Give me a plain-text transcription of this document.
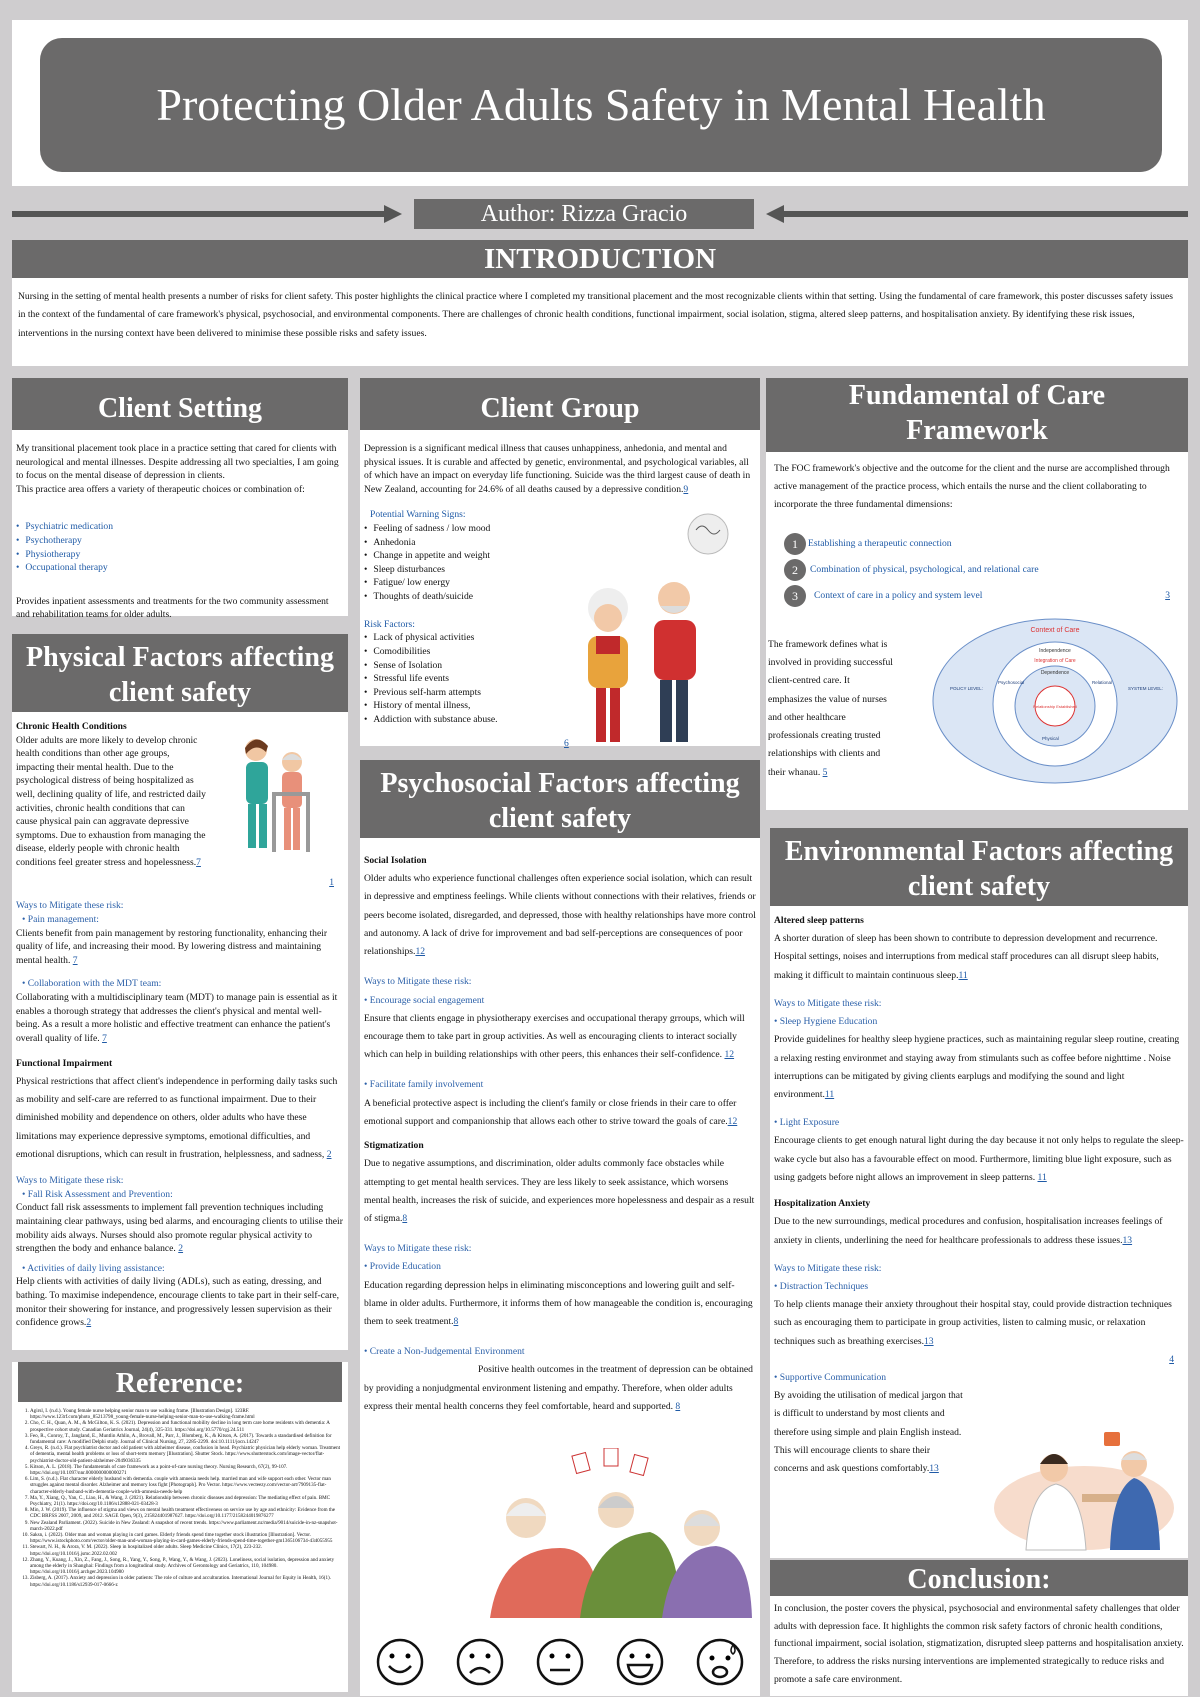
Protecting Older Adults Safety in Mental Health
Author: Rizza Gracio
INTRODUCTION
Nursing in the setting of mental health presents a number of risks for client safety. This poster highlights the clinical practice where I completed my transitional placement and the most recognizable clients within that setting. Using the fundamental of care framework, this poster discusses safety issues in the context of the fundamental of care framework's physical, psychosocial, and environmental components. There are challenges of chronic health conditions, functional impairment, social isolation, stigma, altered sleep patterns, and hospitalisation anxiety. By identifying these risk issues, interventions in the nursing context have been delivered to minimise these possible risks and safety issues.
Client Setting
My transitional placement took place in a practice setting that cared for clients with neurological and mental illnesses. Despite addressing all two specialties, I am going to focus on the mental disease of depression in clients.
This practice area offers a variety of therapeutic choices or combination of:
• Psychiatric medication
• Psychotherapy
• Physiotherapy
• Occupational therapy
Provides inpatient assessments and treatments for the two community assessment and rehabilitation teams for older adults.
Physical Factors affecting client safety
Chronic Health Conditions
Older adults are more likely to develop chronic health conditions than other age groups, impacting their mental health. Due to the psychological distress of being hospitalized as well, declining quality of life, and restricted daily activities, chronic health conditions that can cause physical pain can aggravate depressive symptoms. Due to exhaustion from managing the disease, elderly people with chronic health conditions feel greater stress and hopelessness.7
1
Ways to Mitigate these risk:
• Pain management:
Clients benefit from pain management by restoring functionality, enhancing their quality of life, and increasing their mood. By lowering distress and maintaining mental health. 7
• Collaboration with the MDT team:
Collaborating with a multidisciplinary team (MDT) to manage pain is essential as it enables a thorough strategy that addresses the client's physical and mental well-being. As a result a more holistic and effective treatment can enhance the patient's overall quality of life. 7
Functional Impairment
Physical restrictions that affect client's independence in performing daily tasks such as mobility and self-care are referred to as functional impairment. Due to their diminished mobility and dependence on others, older adults who have these limitations may experience depressive symptoms, emotional difficulties, and emotional disruptions, which can result in frustration, helplessness, and sadness, 2
Ways to Mitigate these risk:
• Fall Risk Assessment and Prevention:
Conduct fall risk assessments to implement fall prevention techniques including maintaining clear pathways, using bed alarms, and encouraging clients to utilise their mobility aids always. Nurses should also promote regular physical activity to strengthen the body and enhance balance. 2
• Activities of daily living assistance:
Help clients with activities of daily living (ADLs), such as eating, dressing, and bathing. To maximise independence, encourage clients to take part in their self-care, monitor their showering for instance, and progressively lessen supervision as their confidence grows.2
Reference:
1. Agirsl, I. (n.d.). Young female nurse helping senior man to use walking frame. [Illustration Design]. 123RF. https://www.123rf.com/photo_85213798_young-female-nurse-helping-senior-man-to-use-walking-frame.html
2. Cho, C. H., Quan, A. M., & McGilton, K. S. (2021). Depression and functional mobility decline in long term care home residents with dementia: A prospective cohort study. Canadian Geriatrics Journal, 24(4), 325-331. https://doi.org/10.5770/cgj.24.511
3. Feo, R., Conroy, T., Jangland, E., Muntlin Athlin, A., Brovall, M., Parr, J., Blomberg, K., & Kitson, A. (2017). Towards a standardised definition for fundamental care: A modified Delphi study. Journal of Clinical Nursing, 27, 2285-2299. doi:10.1111/jocn.14247
4. Greys, R. (n.d.). Flat psychiatrist doctor and old patient with alzheimer disease, confusion in head. Psychiatric physician help elderly woman. Treatment of dementia, mental health problems or loss of short-term memory [Illustration]. Shutter Stock. https://www.shutterstock.com/image-vector/flat-psychiatrist-doctor-old-patient-alzheimer-2049036335
5. Kitson, A. L. (2018). The fundamentals of care framework as a point-of-care nursing theory. Nursing Research, 67(2), 99-107. https://doi.org/10.1097/nnr.0000000000000271
6. Lim, S. (n.d.). Flat character elderly husband with dementia. couple with amnesia needs help. married man and wife support each other. Vector man struggles against mental disorder. Alzheimer and memory loss fight [Photograph]. Pro Vector. https://www.vecteezy.com/vector-art/7909135-flat-character-elderly-husband-with-dementia-couple-with-amnesia-needs-help
7. Ma, Y., Xiang, Q., Yan, C., Liao, H., & Wang, J. (2021). Relationship between chronic diseases and depression: The mediating effect of pain. BMC Psychiatry, 21(1). https://doi.org/10.1186/s12888-021-03428-3
8. Min, J. W. (2019). The influence of stigma and views on mental health treatment effectiveness on service use by age and ethnicity: Evidence from the CDC BRFSS 2007, 2009, and 2012. SAGE Open, 9(3), 215824401987627. https://doi.org/10.1177/2158244019876277
9. New Zealand Parliament. (2022). Suicide in New Zealand: A snapshot of recent trends. https://www.parliament.nz/media/9014/suicide-in-nz-snapshot-march-2022.pdf
10. Saksn, i. (2022). Older man and woman playing in card games. Elderly friends spend time together stock illustration [Illustration]. Vector. https://www.istockphoto.com/vector/older-man-and-woman-playing-in-card-games-elderly-friends-spend-time-together-gm1365106734-434055955
11. Stewart, N. H., & Arora, V. M. (2022). Sleep in hospitalized older adults. Sleep Medicine Clinics, 17(2), 223-232. https://doi.org/10.1016/j.jsmc.2022.02.002
12. Zhang, Y., Kuang, J., Xin, Z., Fang, J., Song, R., Yang, Y., Song, P., Wang, Y., & Wang, J. (2023). Loneliness, social isolation, depression and anxiety among the elderly in Shanghai: Findings from a longitudinal study. Archives of Gerontology and Geriatrics, 110, 104980. https://doi.org/10.1016/j.archger.2023.104980
13. Zisberg, A. (2017). Anxiety and depression in older patients: The role of culture and acculturation. International Journal for Equity in Health, 16(1). https://doi.org/10.1186/s12939-017-0666-z
Client Group
Depression is a significant medical illness that causes unhappiness, anhedonia, and mental and physical issues. It is curable and affected by genetic, environmental, and psychological variables, all of which have an impact on everyday life functioning. Suicide was the third largest cause of death in New Zealand, accounting for 24.6% of all deaths caused by a depressive condition.9
Potential Warning Signs:
• Feeling of sadness / low mood
• Anhedonia
• Change in appetite and weight
• Sleep disturbances
• Fatigue/ low energy
• Thoughts of death/suicide
Risk Factors:
• Lack of physical activities
• Comodibilities
• Sense of Isolation
• Stressful life events
• Previous self-harm attempts
• History of mental illness,
• Addiction with substance abuse.
6
Psychosocial Factors affecting client safety
Social Isolation
Older adults who experience functional challenges often experience social isolation, which can result in depressive and emptiness feelings. While clients without connections with their relatives, friends or peers become isolated, disregarded, and depressed, those with healthy relationships have more control and autonomy. A lack of drive for improvement and bad self-perceptions are consequences of poor relationships.12
Ways to Mitigate these risk:
• Encourage social engagement
Ensure that clients engage in physiotherapy exercises and occupational therapy grroups, which will encourage them to take part in group activities. As well as encouraging clients to interact socially which can help in building relationships with other peers, this enhances their self-confidence. 12
• Facilitate family involvement
A beneficial protective aspect is including the client's family or close friends in their care to offer emotional support and companionship that allows each other to strive toward the goals of care.12
Stigmatization
Due to negative assumptions, and discrimination, older adults commonly face obstacles while attempting to get mental health services. They are less likely to seek assistance, which worsens mental health, increases the risk of suicide, and experiences more hopelessness and despair as a result of stigma.8
Ways to Mitigate these risk:
• Provide Education
Education regarding depression helps in eliminating misconceptions and lowering guilt and self-blame in older adults. Furthermore, it informs them of how manageable the condition is, encouraging them to seek treatment.8
• Create a Non-Judgemental Environment

Positive health outcomes in the treatment of depression can be obtained by providing a nonjudgmental environment listening and empathy. Therefore, when older adults express their mental health concerns they feel comfortable, heard and supported. 8
Fundamental of Care Framework
The FOC framework's objective and the outcome for the client and the nurse are accomplished through active management of the practice process, which entails the nurse and the client collaborating to incorporate the three fundamental dimensions:
1	Establishing a therapeutic connection
2	Combination of physical, psychological, and relational care
3	Context of care in a policy and system level	3
The framework defines what is involved in providing successful client-centred care. It emphasizes the value of nurses and other healthcare professionals creating trusted relationships with clients and their whanau. 5
Context of Care
Independence
Integration of Care
Dependence
Relationship Established
POLICY LEVEL:	SYSTEM LEVEL:
Psychosocial	Relational
Physical
Environmental Factors affecting client safety
Altered sleep patterns
A shorter duration of sleep has been shown to contribute to depression development and recurrence. Hospital settings, noises and interruptions from medical staff procedures can all disrupt sleep habits, making it difficult to maintain continuous sleep.11
Ways to Mitigate these risk:
• Sleep Hygiene Education
Provide guidelines for healthy sleep hygiene practices, such as maintaining regular sleep routine, creating a relaxing resting environmet and staying away from stimulants such as coffee before nighttime . Noise interruptions can be mitigated by giving clients earplugs and modifying the sound and light environment.11
• Light Exposure
Encourage clients to get enough natural light during the day because it not only helps to regulate the sleep-wake cycle but also has a favourable effect on mood. Furthermore, limiting blue light exposure, such as using gadgets before night allows an improvement in sleep patterns. 11
Hospitalization Anxiety
Due to the new surroundings, medical procedures and confusion, hospitalisation increases feelings of anxiety in clients, underlining the need for healthcare professionals to address these issues.13
Ways to Mitigate these risk:
• Distraction Techniques
To help clients manage their anxiety throughout their hospital stay, could provide distraction techniques such as encouraging them to participate in group activities, listen to calming music, or relaxation techniques such as breathing exercises.13
4
• Supportive Communication
By avoiding the utilisation of medical jargon that is difficult to understand by most clients and therefore using simple and plain English instead. This will encourage clients to share their concerns and ask questions comfortably.13
Conclusion:
In conclusion, the poster covers the physical, psychosocial and environmental safety challenges that older adults with depression face. It highlights the common risk safety factors of chronic health conditions, functional impairment, social isolation, stigmatization, disrupted sleep patterns and hospitalisation anxiety. Therefore, to address the risks nursing interventions are implemented strategically to reduce risks and promote a safe care environment.
